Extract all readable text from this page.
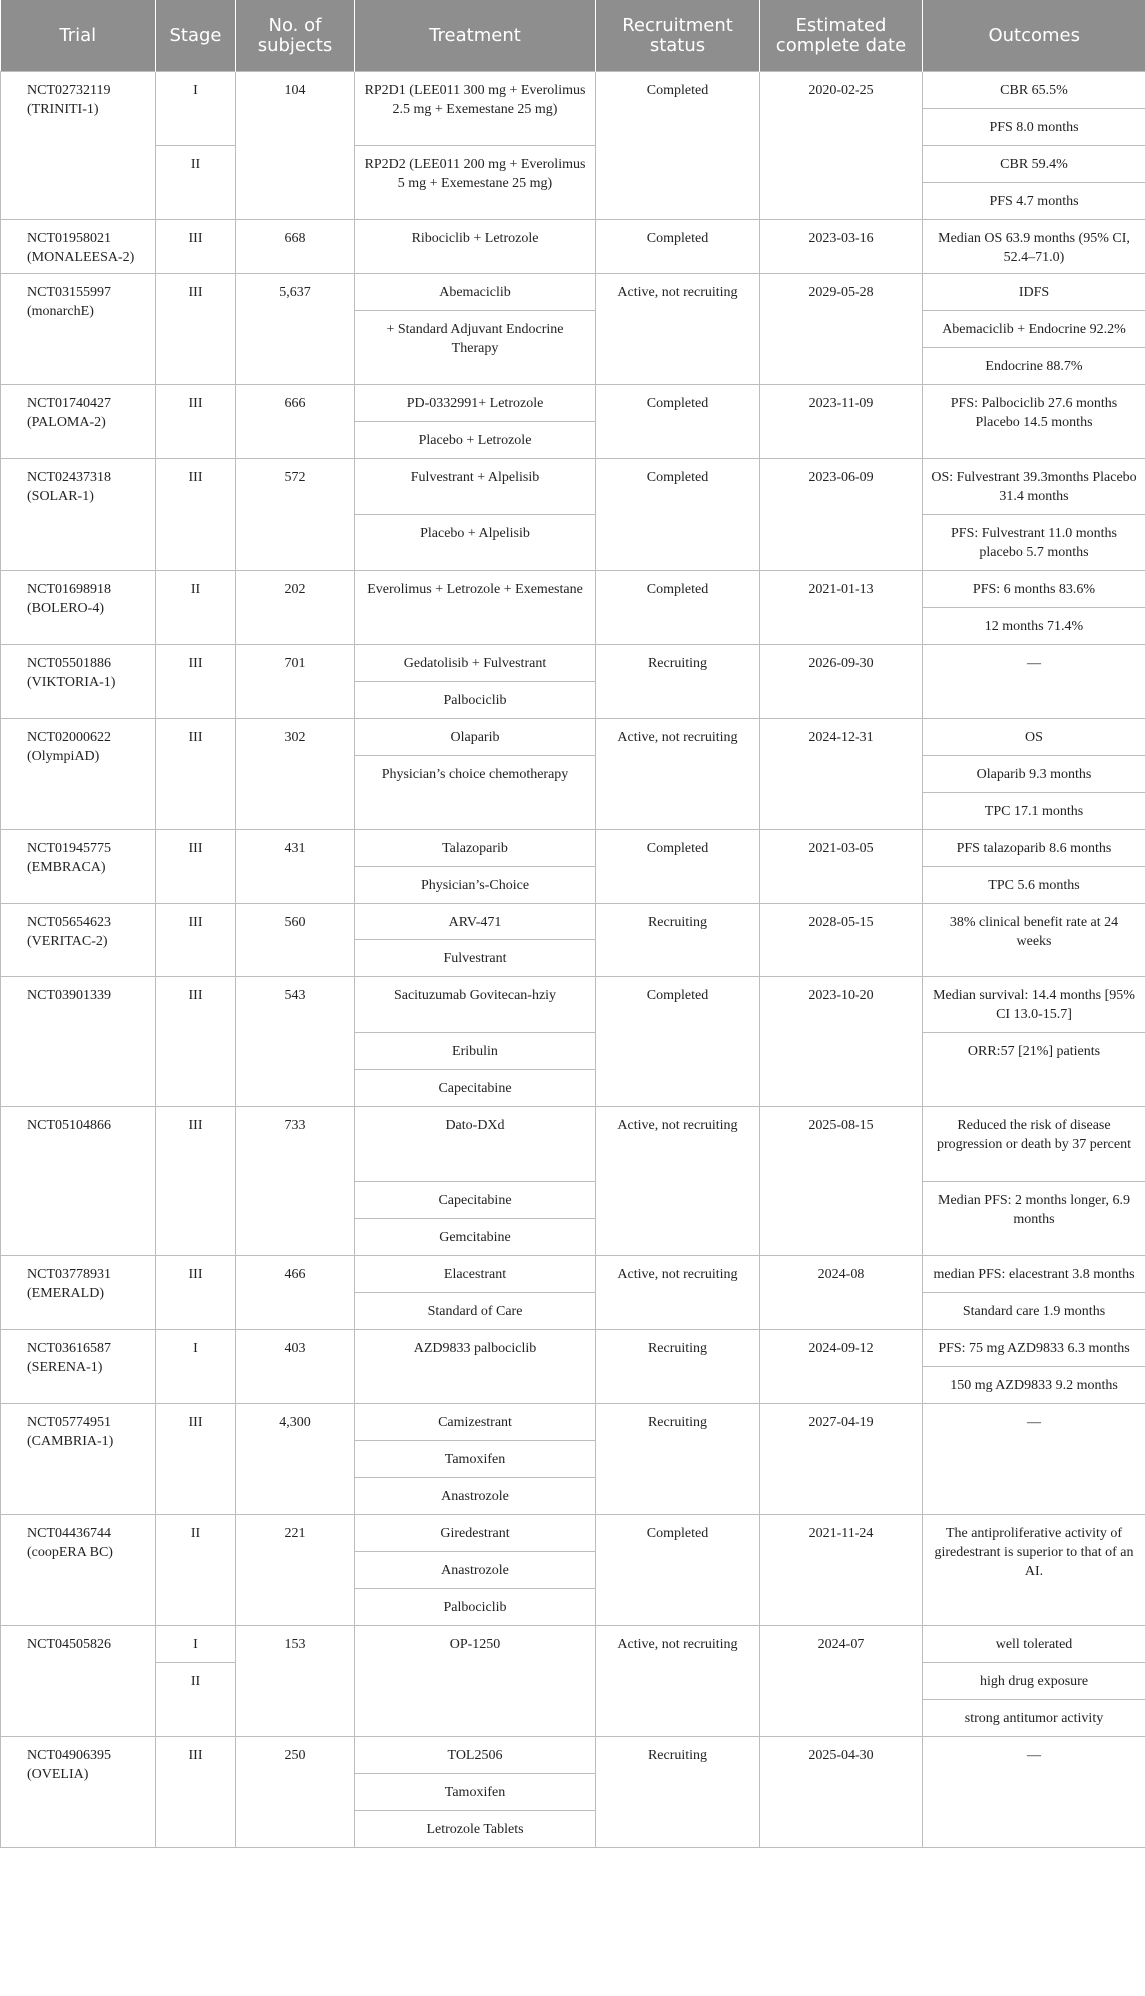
Trial	Stage	No. of subjects	Treatment	Recruitment status	Estimated complete date	Outcomes

NCT02732119
(TRINITI-1)	I	104	RP2D1 (LEE011 300 mg + Everolimus 2.5 mg + Exemestane 25 mg)	Completed	2020-02-25	CBR 65.5%
						PFS 8.0 months
	II		RP2D2 (LEE011 200 mg + Everolimus 5 mg + Exemestane 25 mg)			CBR 59.4%
						PFS 4.7 months

NCT01958021
(MONALEESA-2)	III	668	Ribociclib + Letrozole	Completed	2023-03-16	Median OS 63.9 months (95% CI, 52.4–71.0)

NCT03155997
(monarchE)	III	5,637	Abemaciclib	Active, not recruiting	2029-05-28	IDFS
			+ Standard Adjuvant Endocrine Therapy			Abemaciclib + Endocrine 92.2%
						Endocrine 88.7%

NCT01740427
(PALOMA-2)	III	666	PD-0332991+ Letrozole	Completed	2023-11-09	PFS: Palbociclib 27.6 months Placebo 14.5 months
			Placebo + Letrozole			

NCT02437318
(SOLAR-1)	III	572	Fulvestrant + Alpelisib	Completed	2023-06-09	OS: Fulvestrant 39.3months Placebo 31.4 months
			Placebo + Alpelisib			PFS: Fulvestrant 11.0 months placebo 5.7 months

NCT01698918
(BOLERO-4)	II	202	Everolimus + Letrozole + Exemestane	Completed	2021-01-13	PFS: 6 months 83.6%
						12 months 71.4%

NCT05501886
(VIKTORIA-1)	III	701	Gedatolisib + Fulvestrant	Recruiting	2026-09-30	—
			Palbociclib			

NCT02000622
(OlympiAD)	III	302	Olaparib	Active, not recruiting	2024-12-31	OS
			Physician’s choice chemotherapy			Olaparib 9.3 months
						TPC 17.1 months

NCT01945775
(EMBRACA)	III	431	Talazoparib	Completed	2021-03-05	PFS talazoparib 8.6 months
			Physician’s-Choice			TPC 5.6 months

NCT05654623
(VERITAC-2)	III	560	ARV-471	Recruiting	2028-05-15	38% clinical benefit rate at 24 weeks
			Fulvestrant			

NCT03901339	III	543	Sacituzumab Govitecan-hziy	Completed	2023-10-20	Median survival: 14.4 months [95% CI 13.0-15.7]
			Eribulin			ORR:57 [21%] patients
			Capecitabine			

NCT05104866	III	733	Dato-DXd	Active, not recruiting	2025-08-15	Reduced the risk of disease progression or death by 37 percent
			Capecitabine			Median PFS: 2 months longer, 6.9 months
			Gemcitabine			

NCT03778931
(EMERALD)	III	466	Elacestrant	Active, not recruiting	2024-08	median PFS: elacestrant 3.8 months
			Standard of Care			Standard care 1.9 months

NCT03616587
(SERENA-1)	I	403	AZD9833 palbociclib	Recruiting	2024-09-12	PFS: 75 mg AZD9833 6.3 months
						150 mg AZD9833 9.2 months

NCT05774951
(CAMBRIA-1)	III	4,300	Camizestrant	Recruiting	2027-04-19	—
			Tamoxifen			
			Anastrozole			

NCT04436744
(coopERA BC)	II	221	Giredestrant	Completed	2021-11-24	The antiproliferative activity of giredestrant is superior to that of an AI.
			Anastrozole			
			Palbociclib			

NCT04505826	I	153	OP-1250	Active, not recruiting	2024-07	well tolerated
	II					high drug exposure
						strong antitumor activity

NCT04906395
(OVELIA)	III	250	TOL2506	Recruiting	2025-04-30	—
			Tamoxifen			
			Letrozole Tablets			
